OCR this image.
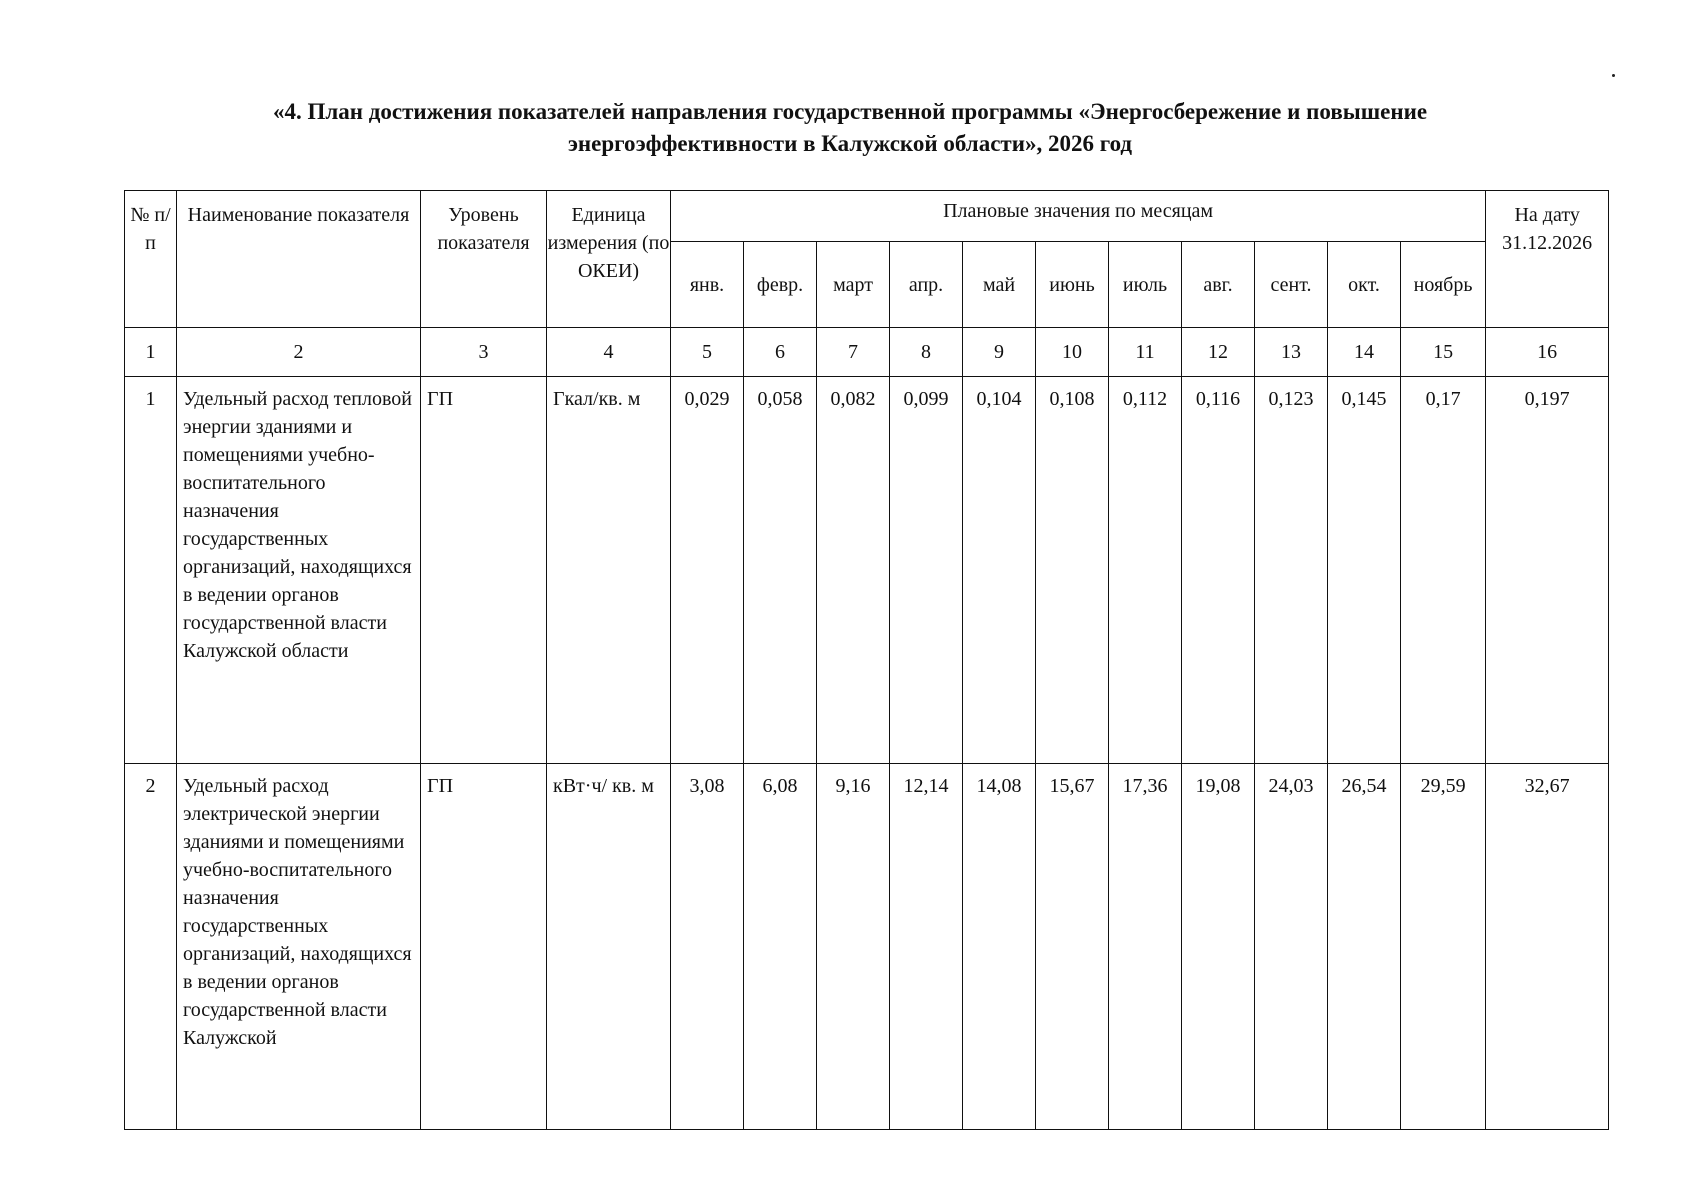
«4. План достижения показателей направления государственной программы «Энергосбережение и повышение
энергоэффективности в Калужской области», 2026 год
№ п/п	Наименование показателя	Уровень показателя	Единица измерения (по ОКЕИ)	Плановые значения по месяцам											На дату 31.12.2026
				янв.	февр.	март	апр.	май	июнь	июль	авг.	сент.	окт.	ноябрь	
1	2	3	4	5	6	7	8	9	10	11	12	13	14	15	16
1	Удельный расход тепловой энергии зданиями и помещениями учебно-воспитательного назначения государственных организаций, находящихся в ведении органов государственной власти Калужской области	ГП	Гкал/кв. м	0,029	0,058	0,082	0,099	0,104	0,108	0,112	0,116	0,123	0,145	0,17	0,197
2	Удельный расход электрической энергии зданиями и помещениями учебно-воспитательного назначения государственных организаций, находящихся в ведении органов государственной власти Калужской	ГП	кВт·ч/ кв. м	3,08	6,08	9,16	12,14	14,08	15,67	17,36	19,08	24,03	26,54	29,59	32,67
